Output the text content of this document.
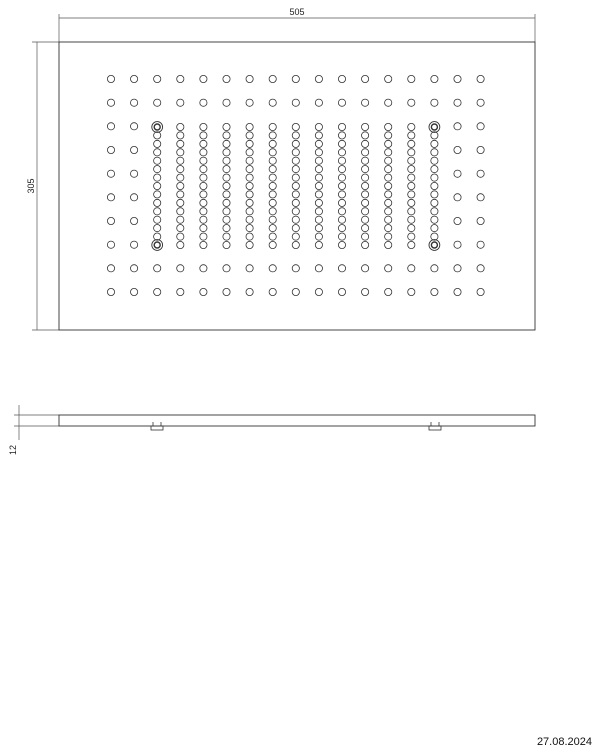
505
305
12
27.08.2024
